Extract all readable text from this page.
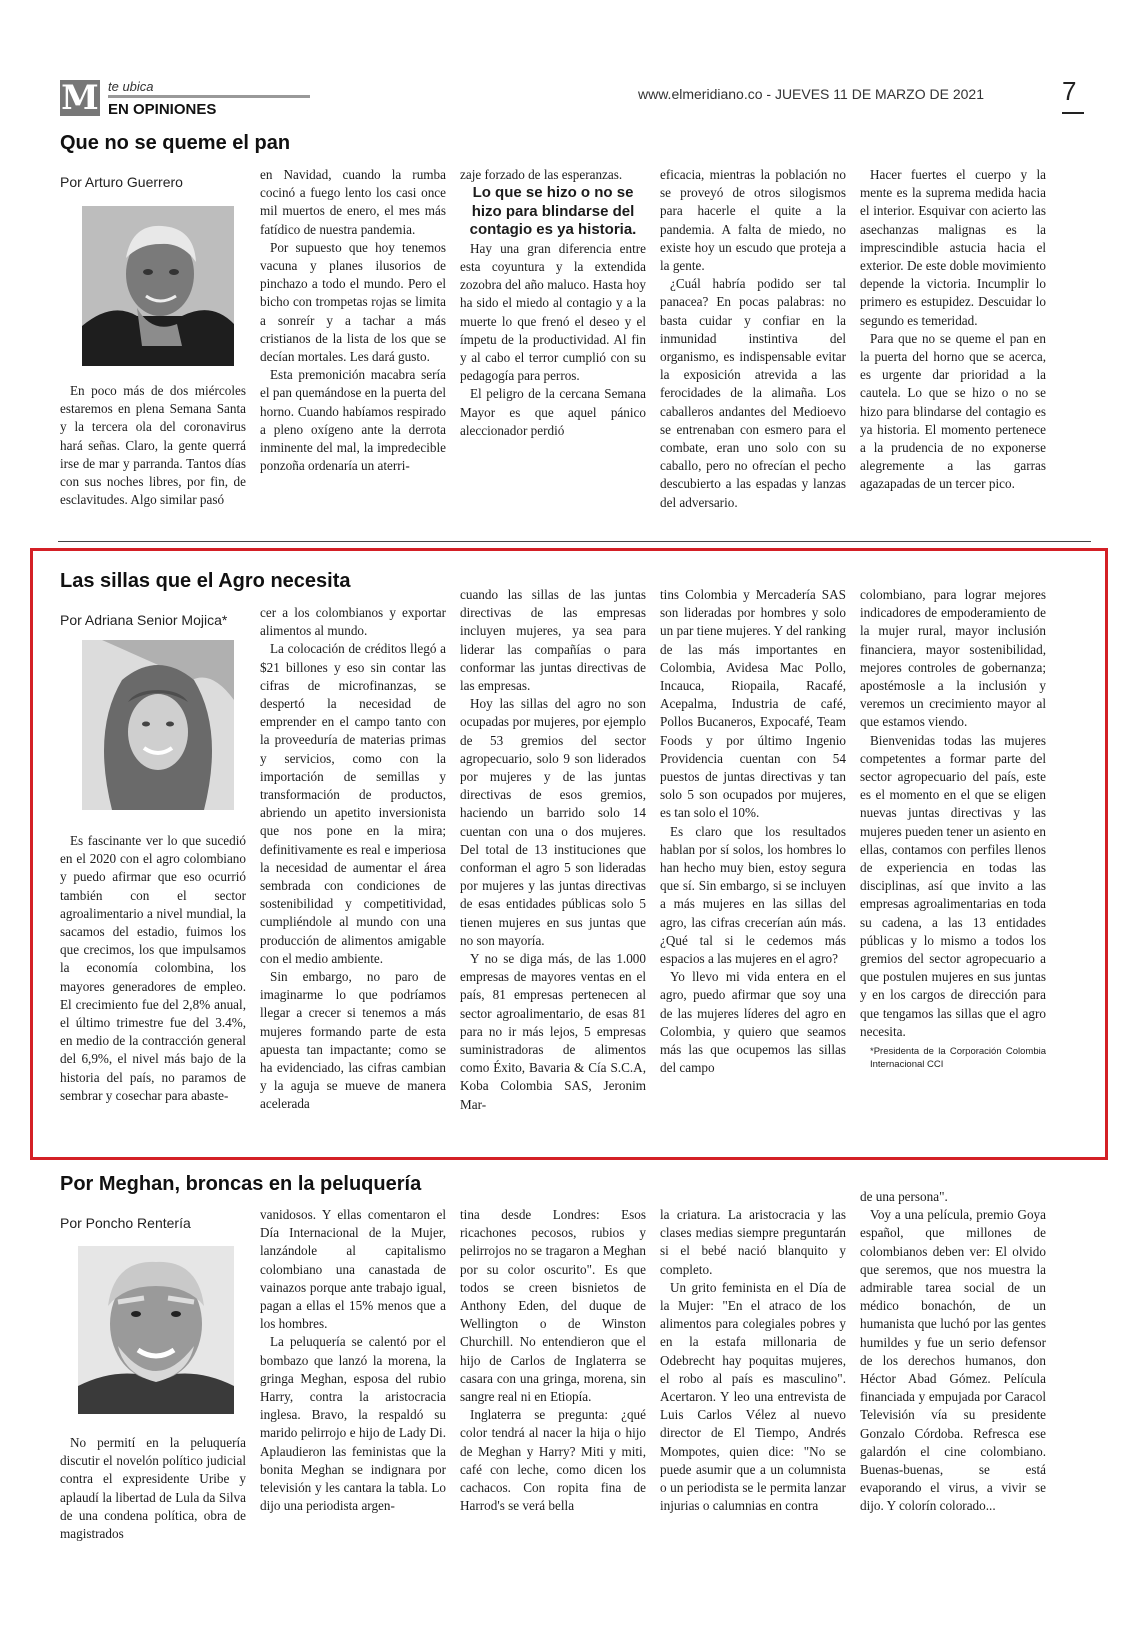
M te ubica
EN OPINIONES
www.elmeridiano.co - JUEVES 11 DE MARZO DE 2021	7
Que no se queme el pan
Por Arturo Guerrero

En poco más de dos miércoles estaremos en plena Semana Santa y la tercera ola del coronavirus hará señas. Claro, la gente querrá irse de mar y parranda. Tantos días con sus noches libres, por fin, de esclavitudes. Algo similar pasó

en Navidad, cuando la rumba cocinó a fuego lento los casi once mil muertos de enero, el mes más fatídico de nuestra pandemia.

Por supuesto que hoy tenemos vacuna y planes ilusorios de pinchazo a todo el mundo. Pero el bicho con trompetas rojas se limita a sonreír y a tachar a más cristianos de la lista de los que se decían mortales. Les dará gusto.

Esta premonición macabra sería el pan quemándose en la puerta del horno. Cuando habíamos respirado a pleno oxígeno ante la derrota inminente del mal, la impredecible ponzoña ordenaría un aterri-

zaje forzado de las esperanzas.

Lo que se hizo o no se hizo para blindarse del contagio es ya historia.

Hay una gran diferencia entre esta coyuntura y la extendida zozobra del año maluco. Hasta hoy ha sido el miedo al contagio y a la muerte lo que frenó el deseo y el ímpetu de la productividad. Al fin y al cabo el terror cumplió con su pedagogía para perros.

El peligro de la cercana Semana Mayor es que aquel pánico aleccionador perdió

eficacia, mientras la población no se proveyó de otros silogismos para hacerle el quite a la pandemia. A falta de miedo, no existe hoy un escudo que proteja a la gente.

¿Cuál habría podido ser tal panacea? En pocas palabras: no basta cuidar y confiar en la inmunidad instintiva del organismo, es indispensable evitar la exposición atrevida a las ferocidades de la alimaña. Los caballeros andantes del Medioevo se entrenaban con esmero para el combate, eran uno solo con su caballo, pero no ofrecían el pecho descubierto a las espadas y lanzas del adversario.

Hacer fuertes el cuerpo y la mente es la suprema medida hacia el interior. Esquivar con acierto las asechanzas malignas es la imprescindible astucia hacia el exterior. De este doble movimiento depende la victoria. Incumplir lo primero es estupidez. Descuidar lo segundo es temeridad.

Para que no se queme el pan en la puerta del horno que se acerca, es urgente dar prioridad a la cautela. Lo que se hizo o no se hizo para blindarse del contagio es ya historia. El momento pertenece a la prudencia de no exponerse alegremente a las garras agazapadas de un tercer pico.

Las sillas que el Agro necesita
Por Adriana Senior Mojica*

Es fascinante ver lo que sucedió en el 2020 con el agro colombiano y puedo afirmar que eso ocurrió también con el sector agroalimentario a nivel mundial, la sacamos del estadio, fuimos los que crecimos, los que impulsamos la economía colombina, los mayores generadores de empleo. El crecimiento fue del 2,8% anual, el último trimestre fue del 3.4%, en medio de la contracción general del 6,9%, el nivel más bajo de la historia del país, no paramos de sembrar y cosechar para abaste-

cer a los colombianos y exportar alimentos al mundo.

La colocación de créditos llegó a $21 billones y eso sin contar las cifras de microfinanzas, se despertó la necesidad de emprender en el campo tanto con la proveeduría de materias primas y servicios, como con la importación de semillas y transformación de productos, abriendo un apetito inversionista que nos pone en la mira; definitivamente es real e imperiosa la necesidad de aumentar el área sembrada con condiciones de sostenibilidad y competitividad, cumpliéndole al mundo con una producción de alimentos amigable con el medio ambiente.

Sin embargo, no paro de imaginarme lo que podríamos llegar a crecer si tenemos a más mujeres formando parte de esta apuesta tan impactante; como se ha evidenciado, las cifras cambian y la aguja se mueve de manera acelerada

cuando las sillas de las juntas directivas de las empresas incluyen mujeres, ya sea para liderar las compañías o para conformar las juntas directivas de las empresas.

Hoy las sillas del agro no son ocupadas por mujeres, por ejemplo de 53 gremios del sector agropecuario, solo 9 son liderados por mujeres y de las juntas directivas de esos gremios, haciendo un barrido solo 14 cuentan con una o dos mujeres. Del total de 13 instituciones que conforman el agro 5 son lideradas por mujeres y las juntas directivas de esas entidades públicas solo 5 tienen mujeres en sus juntas que no son mayoría.

Y no se diga más, de las 1.000 empresas de mayores ventas en el país, 81 empresas pertenecen al sector agroalimentario, de esas 81 para no ir más lejos, 5 empresas suministradoras de alimentos como Éxito, Bavaria & Cía S.C.A, Koba Colombia SAS, Jeronim Mar-

tins Colombia y Mercadería SAS son lideradas por hombres y solo un par tiene mujeres. Y del ranking de las más importantes en Colombia, Avidesa Mac Pollo, Incauca, Riopaila, Racafé, Acepalma, Industria de café, Pollos Bucaneros, Expocafé, Team Foods y por último Ingenio Providencia cuentan con 54 puestos de juntas directivas y tan solo 5 son ocupados por mujeres, es tan solo el 10%.

Es claro que los resultados hablan por sí solos, los hombres lo han hecho muy bien, estoy segura que sí. Sin embargo, si se incluyen a más mujeres en las sillas del agro, las cifras crecerían aún más. ¿Qué tal si le cedemos más espacios a las mujeres en el agro?

Yo llevo mi vida entera en el agro, puedo afirmar que soy una de las mujeres líderes del agro en Colombia, y quiero que seamos más las que ocupemos las sillas del campo

colombiano, para lograr mejores indicadores de empoderamiento de la mujer rural, mayor inclusión financiera, mayor sostenibilidad, mejores controles de gobernanza; apostémosle a la inclusión y veremos un crecimiento mayor al que estamos viendo.

Bienvenidas todas las mujeres competentes a formar parte del sector agropecuario del país, este es el momento en el que se eligen nuevas juntas directivas y las mujeres pueden tener un asiento en ellas, contamos con perfiles llenos de experiencia en todas las disciplinas, así que invito a las empresas agroalimentarias en toda su cadena, a las 13 entidades públicas y lo mismo a todos los gremios del sector agropecuario a que postulen mujeres en sus juntas y en los cargos de dirección para que tengamos las sillas que el agro necesita.

*Presidenta de la Corporación Colombia Internacional CCI

Por Meghan, broncas en la peluquería
Por Poncho Rentería

No permití en la peluquería discutir el novelón político judicial contra el expresidente Uribe y aplaudí la libertad de Lula da Silva de una condena política, obra de magistrados

vanidosos. Y ellas comentaron el Día Internacional de la Mujer, lanzándole al capitalismo colombiano una canastada de vainazos porque ante trabajo igual, pagan a ellas el 15% menos que a los hombres.

La peluquería se calentó por el bombazo que lanzó la morena, la gringa Meghan, esposa del rubio Harry, contra la aristocracia inglesa. Bravo, la respaldó su marido pelirrojo e hijo de Lady Di. Aplaudieron las feministas que la bonita Meghan se indignara por televisión y les cantara la tabla. Lo dijo una periodista argen-

tina desde Londres: Esos ricachones pecosos, rubios y pelirrojos no se tragaron a Meghan por su color oscurito". Es que todos se creen bisnietos de Anthony Eden, del duque de Wellington o de Winston Churchill. No entendieron que el hijo de Carlos de Inglaterra se casara con una gringa, morena, sin sangre real ni en Etiopía.

Inglaterra se pregunta: ¿qué color tendrá al nacer la hija o hijo de Meghan y Harry? Miti y miti, café con leche, como dicen los cachacos. Con ropita fina de Harrod's se verá bella

la criatura. La aristocracia y las clases medias siempre preguntarán si el bebé nació blanquito y completo.

Un grito feminista en el Día de la Mujer: "En el atraco de los alimentos para colegiales pobres y en la estafa millonaria de Odebrecht hay poquitas mujeres, el robo al país es masculino". Acertaron. Y leo una entrevista de Luis Carlos Vélez al nuevo director de El Tiempo, Andrés Mompotes, quien dice: "No se puede asumir que a un columnista o un periodista se le permita lanzar injurias o calumnias en contra

de una persona".

Voy a una película, premio Goya español, que millones de colombianos deben ver: El olvido que seremos, que nos muestra la admirable tarea social de un médico bonachón, de un humanista que luchó por las gentes humildes y fue un serio defensor de los derechos humanos, don Héctor Abad Gómez. Película financiada y empujada por Caracol Televisión vía su presidente Gonzalo Córdoba. Refresca ese galardón el cine colombiano. Buenas-buenas, se está evaporando el virus, a vivir se dijo. Y colorín colorado...
